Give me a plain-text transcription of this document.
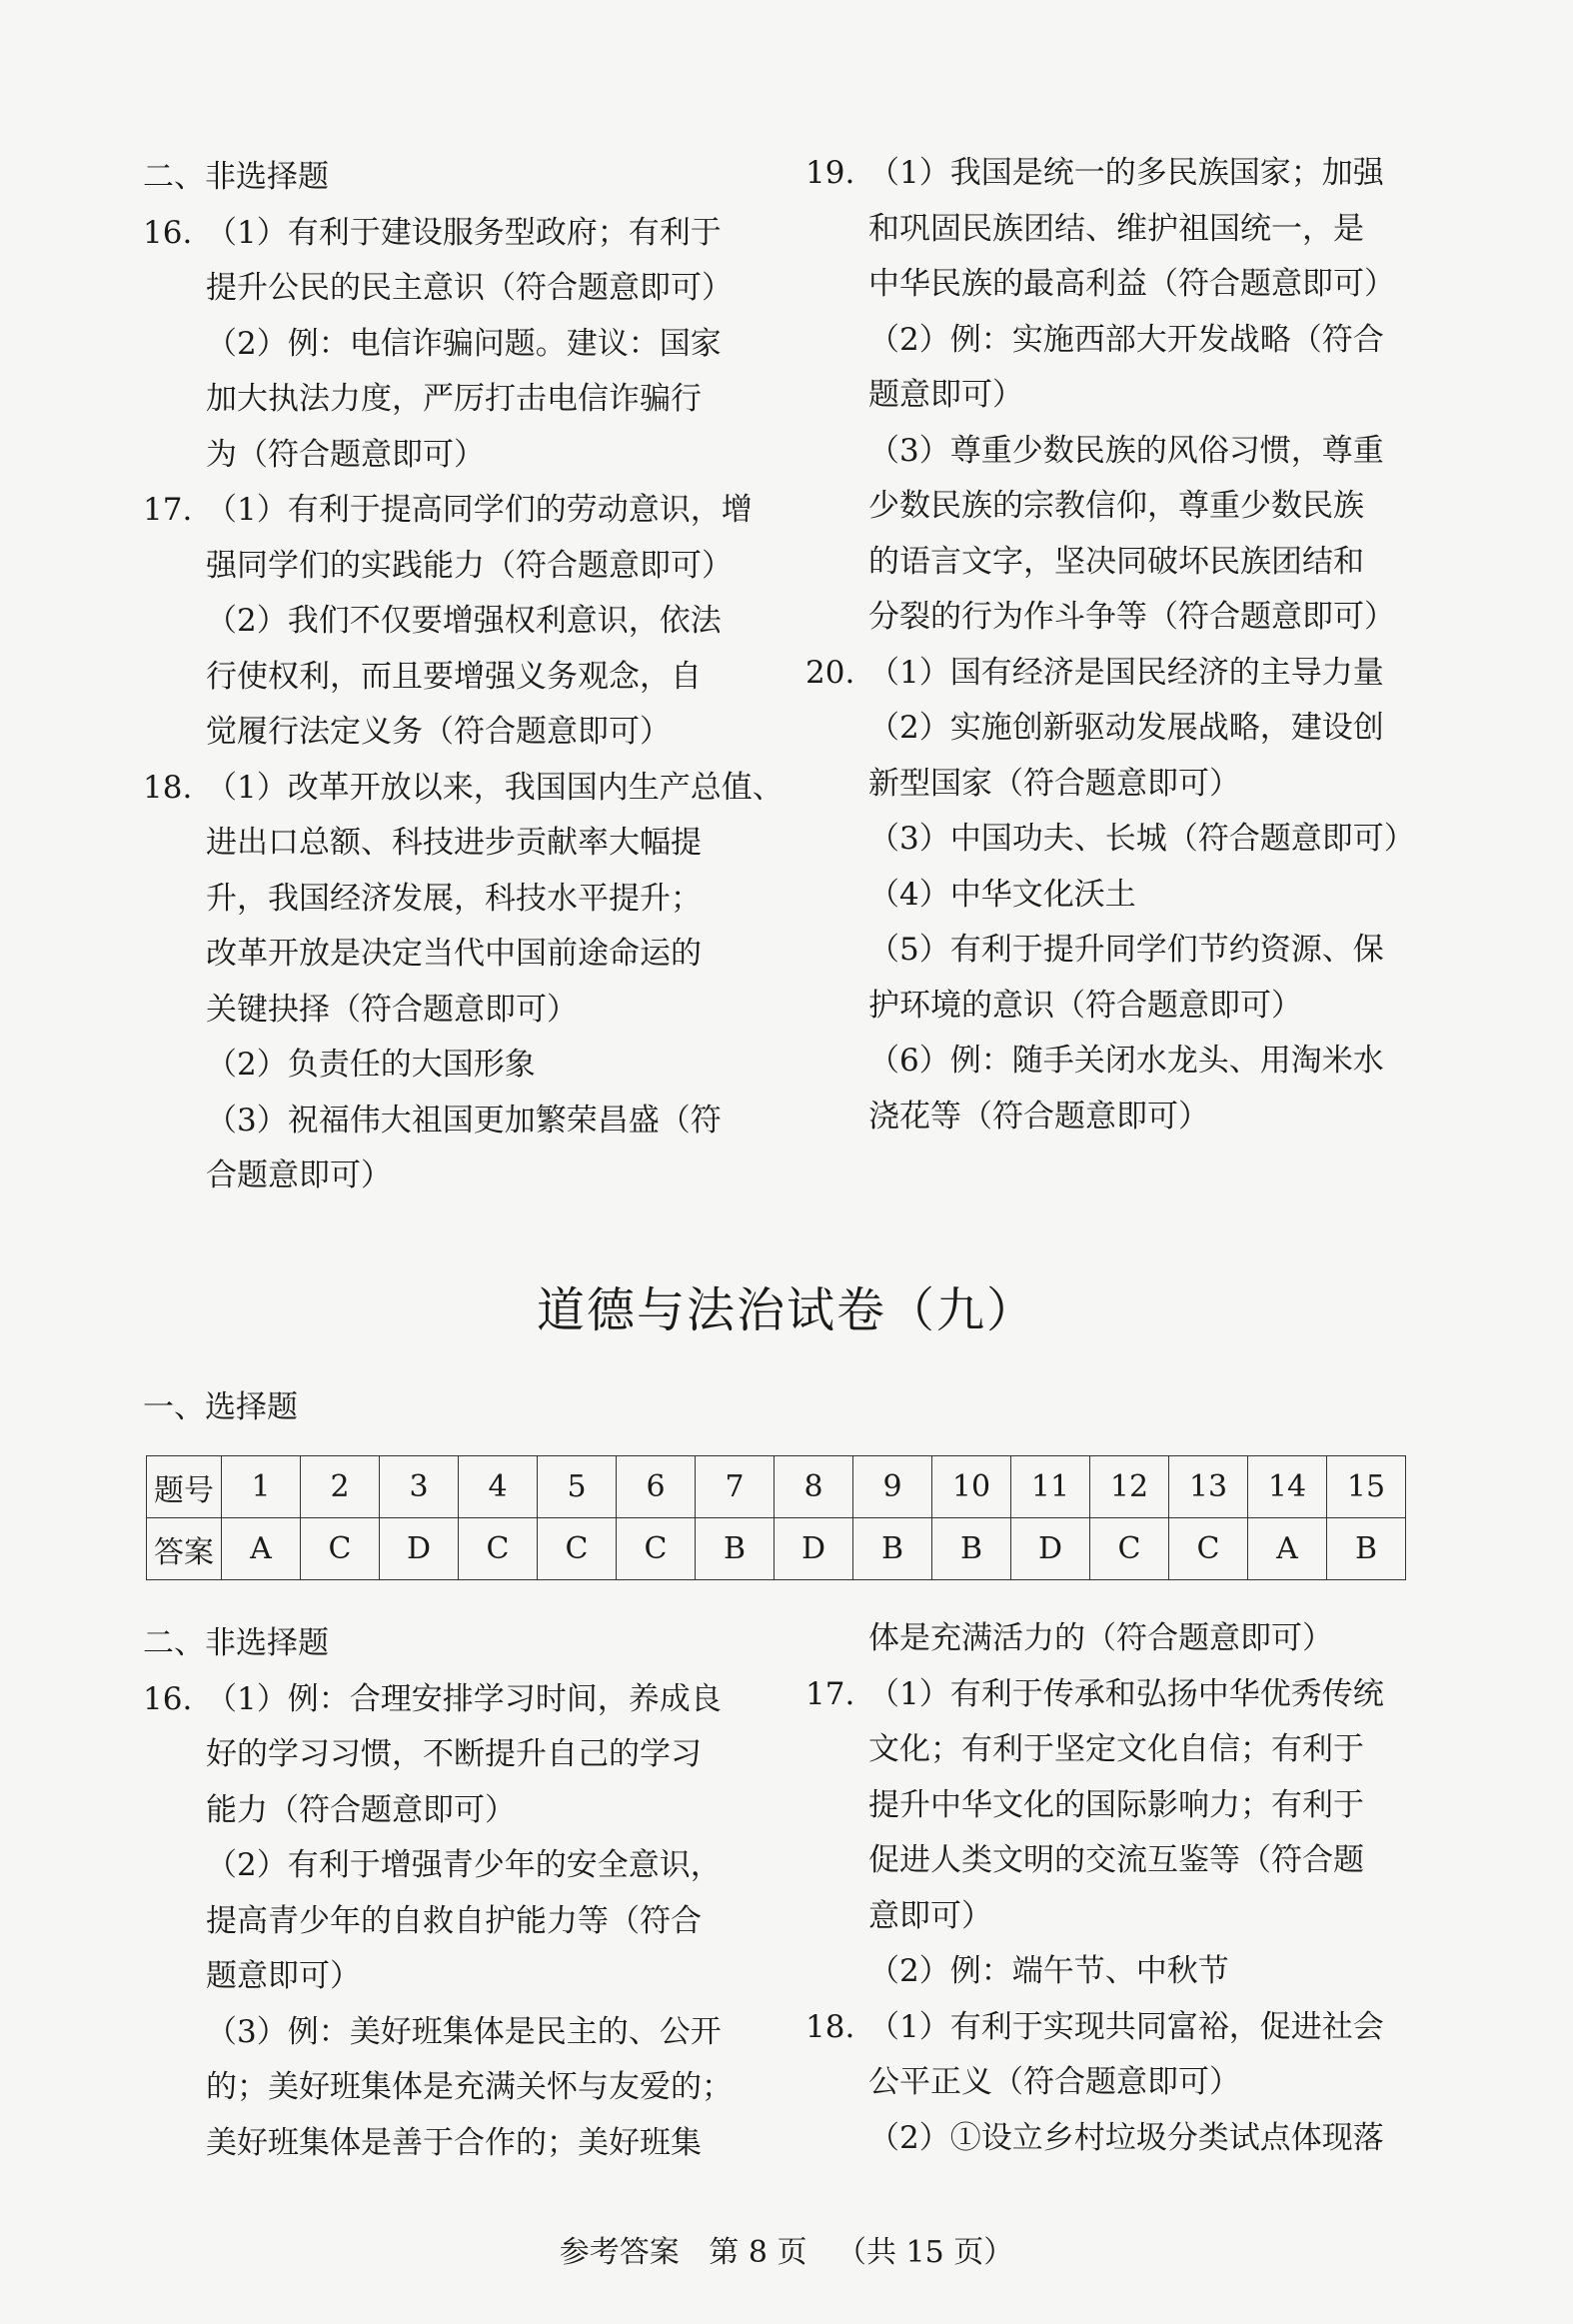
二、非选择题
16. （1）有利于建设服务型政府；有利于
提升公民的民主意识（符合题意即可）
（2）例：电信诈骗问题。建议：国家
加大执法力度，严厉打击电信诈骗行
为（符合题意即可）
17. （1）有利于提高同学们的劳动意识，增
强同学们的实践能力（符合题意即可）
（2）我们不仅要增强权利意识，依法
行使权利，而且要增强义务观念，自
觉履行法定义务（符合题意即可）
18. （1）改革开放以来，我国国内生产总值、
进出口总额、科技进步贡献率大幅提
升，我国经济发展，科技水平提升；
改革开放是决定当代中国前途命运的
关键抉择（符合题意即可）
（2）负责任的大国形象
（3）祝福伟大祖国更加繁荣昌盛（符
合题意即可）
19. （1）我国是统一的多民族国家；加强
和巩固民族团结、维护祖国统一，是
中华民族的最高利益（符合题意即可）
（2）例：实施西部大开发战略（符合
题意即可）
（3）尊重少数民族的风俗习惯，尊重
少数民族的宗教信仰，尊重少数民族
的语言文字，坚决同破坏民族团结和
分裂的行为作斗争等（符合题意即可）
20. （1）国有经济是国民经济的主导力量
（2）实施创新驱动发展战略，建设创
新型国家（符合题意即可）
（3）中国功夫、长城（符合题意即可）
（4）中华文化沃土
（5）有利于提升同学们节约资源、保
护环境的意识（符合题意即可）
（6）例：随手关闭水龙头、用淘米水
浇花等（符合题意即可）
道德与法治试卷（九）
一、选择题
题号	1	2	3	4	5	6	7	8	9	10	11	12	13	14	15
答案	A	C	D	C	C	C	B	D	B	B	D	C	C	A	B
二、非选择题
16. （1）例：合理安排学习时间，养成良
好的学习习惯，不断提升自己的学习
能力（符合题意即可）
（2）有利于增强青少年的安全意识，
提高青少年的自救自护能力等（符合
题意即可）
（3）例：美好班集体是民主的、公开
的；美好班集体是充满关怀与友爱的；
美好班集体是善于合作的；美好班集
体是充满活力的（符合题意即可）
17. （1）有利于传承和弘扬中华优秀传统
文化；有利于坚定文化自信；有利于
提升中华文化的国际影响力；有利于
促进人类文明的交流互鉴等（符合题
意即可）
（2）例：端午节、中秋节
18. （1）有利于实现共同富裕，促进社会
公平正义（符合题意即可）
（2）①设立乡村垃圾分类试点体现落
参考答案 第 8 页 （共 15 页）
